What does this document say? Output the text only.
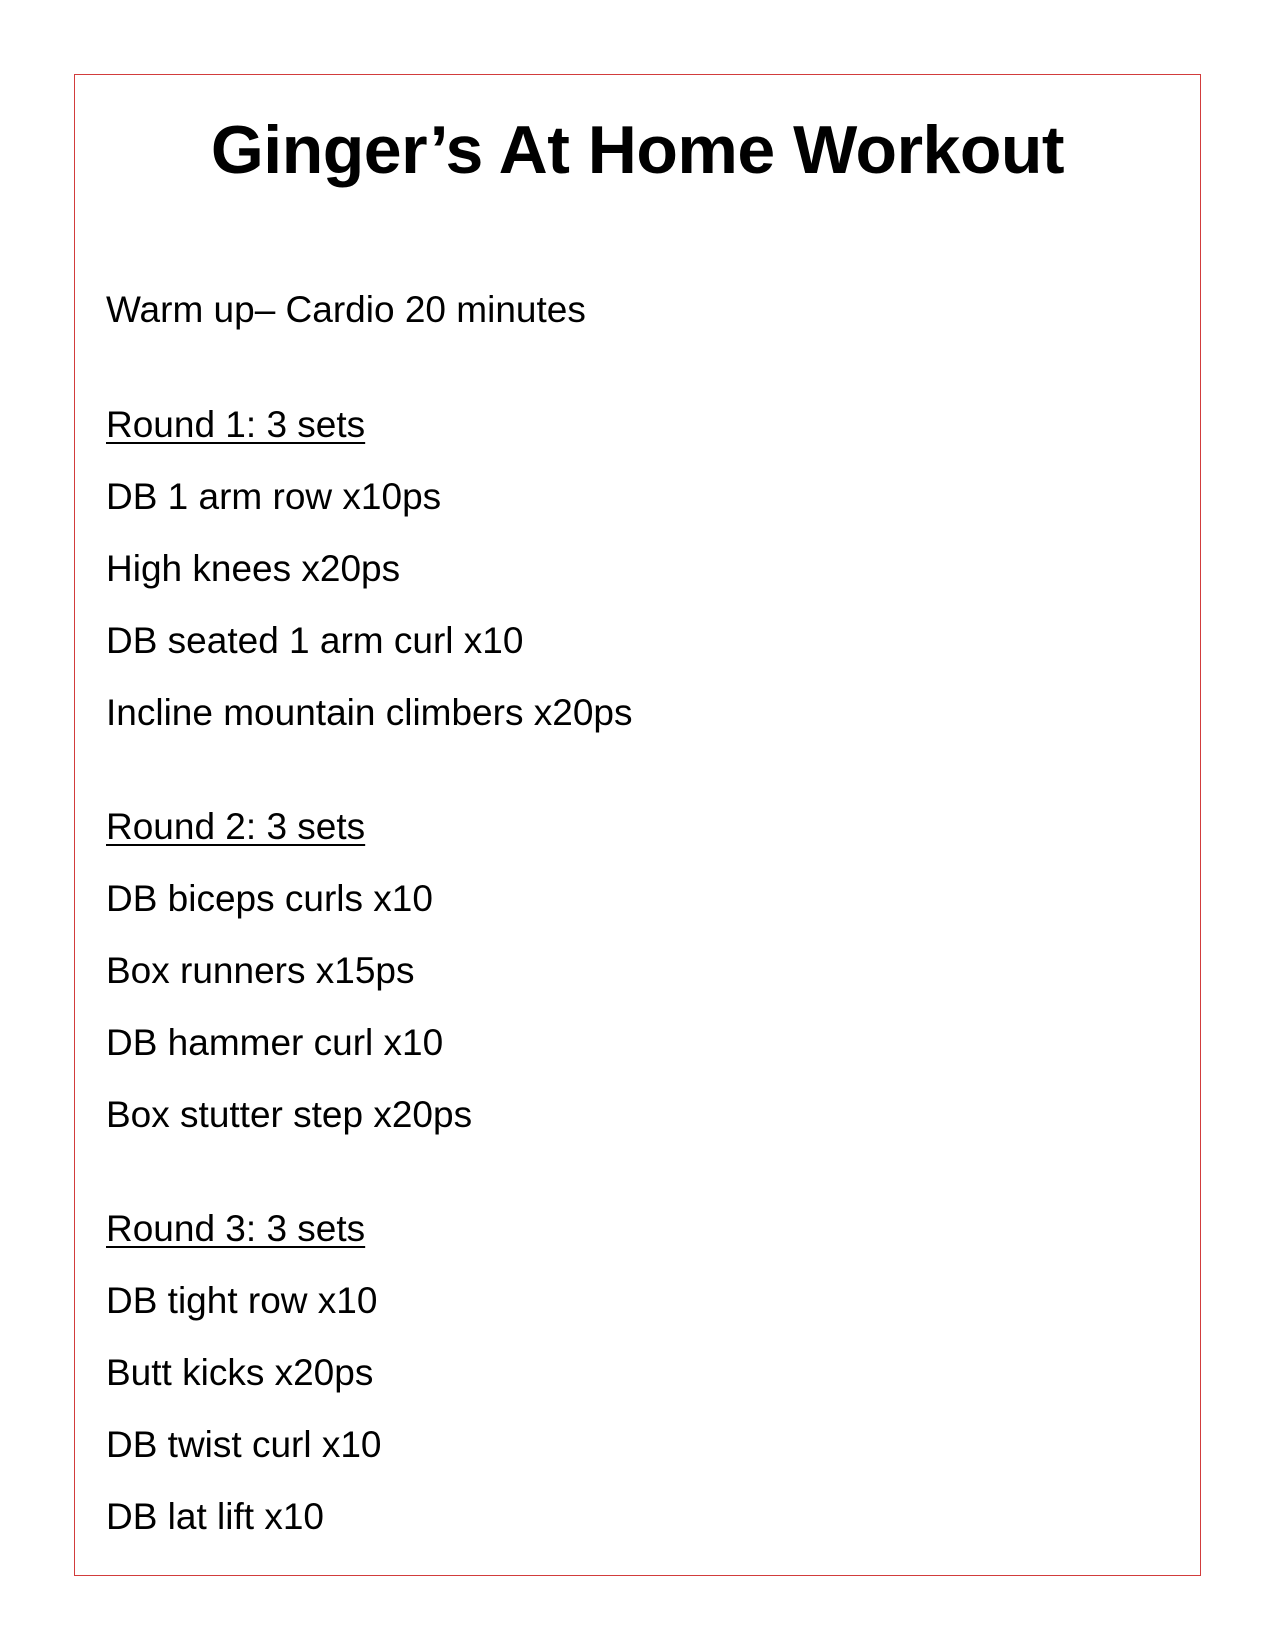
Ginger’s At Home Workout
Warm up– Cardio 20 minutes
Round 1: 3 sets
DB 1 arm row x10ps
High knees x20ps
DB seated 1 arm curl x10
Incline mountain climbers x20ps
Round 2: 3 sets
DB biceps curls x10
Box runners x15ps
DB hammer curl x10
Box stutter step x20ps
Round 3: 3 sets
DB tight row x10
Butt kicks x20ps
DB twist curl x10
DB lat lift x10
